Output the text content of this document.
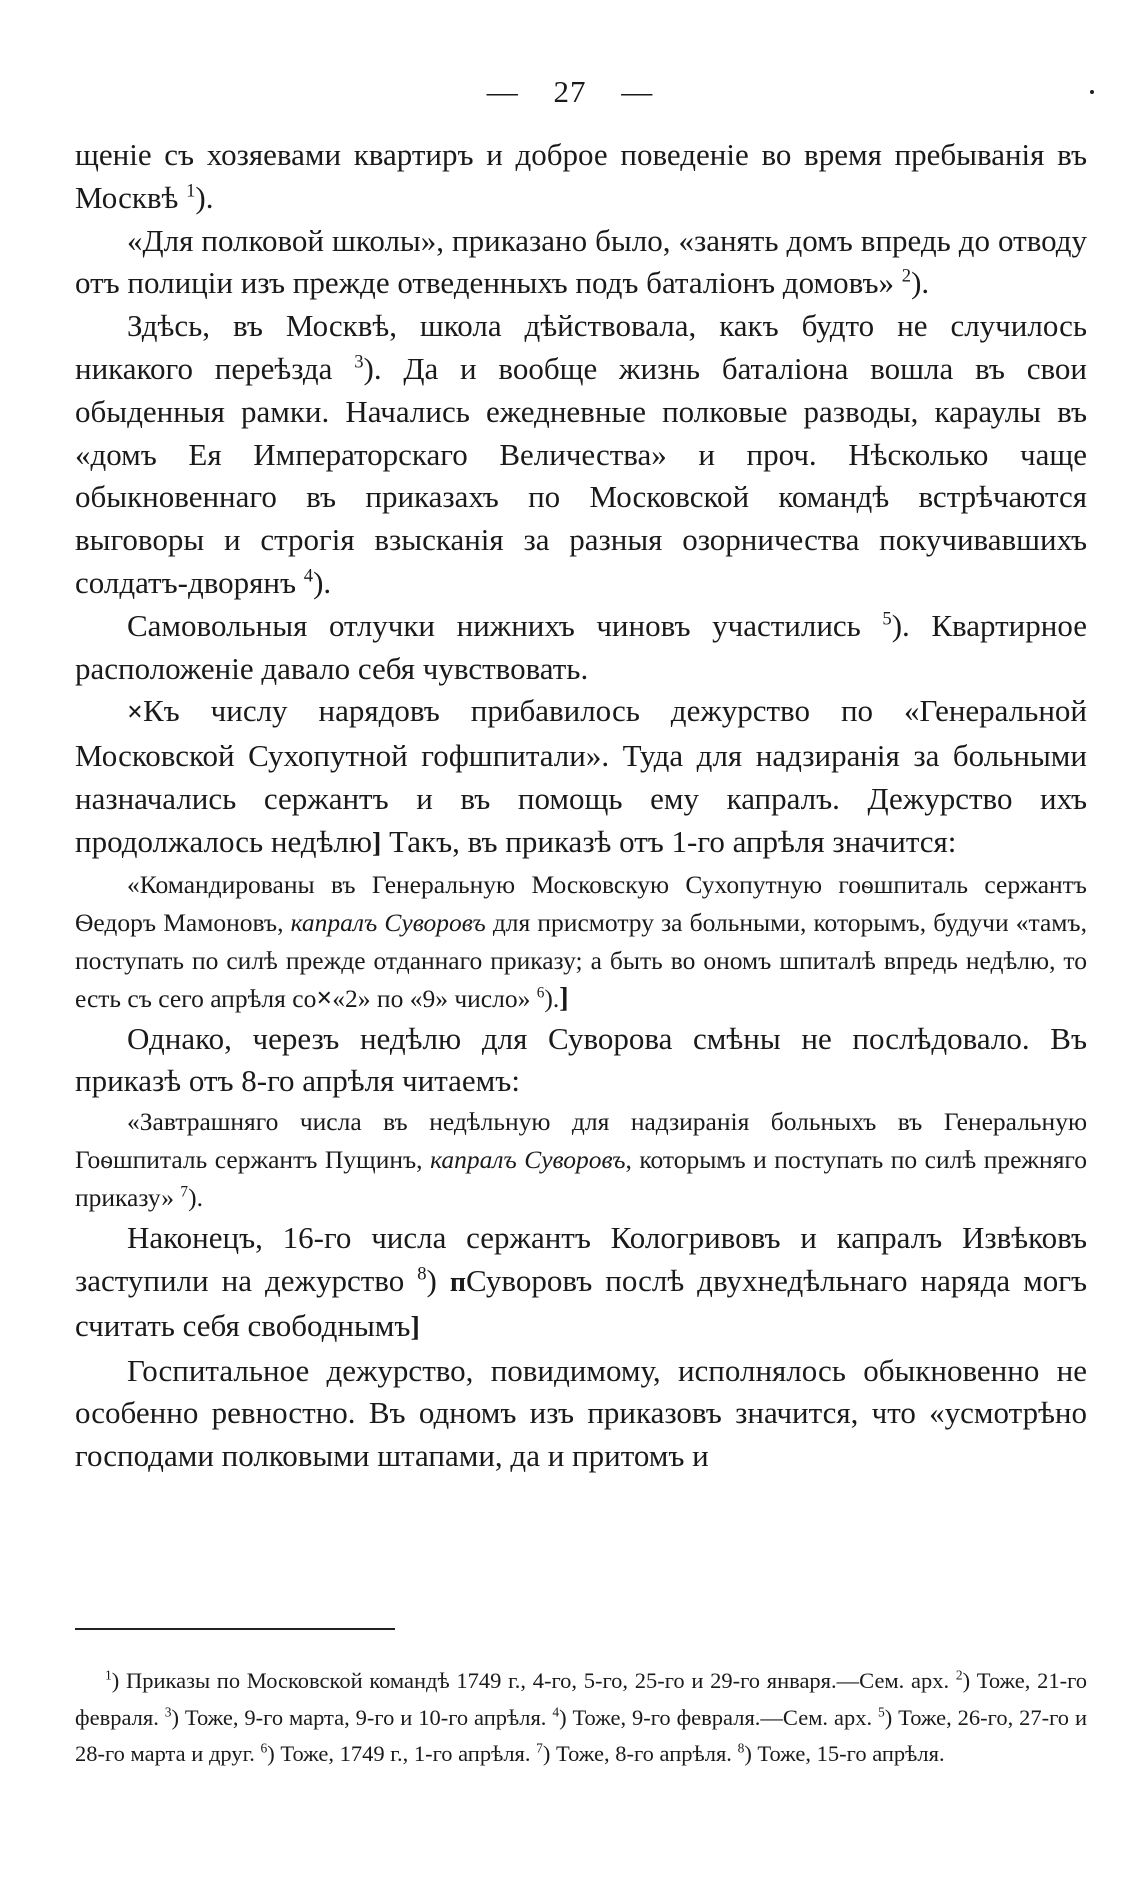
— 27 —

щеніе съ хозяевами квартиръ и доброе поведеніе во время пребыванія въ Москвѣ $^1$).

«Для полковой школы», приказано было, «занять домъ впредь до отводу отъ полиціи изъ прежде отведенныхъ подъ баталіонъ домовъ» $^2$).

Здѣсь, въ Москвѣ, школа дѣйствовала, какъ будто не случилось никакого переѣзда $^3$). Да и вообще жизнь баталіона вошла въ свои обыденныя рамки. Начались ежедневные полковые разводы, караулы въ «домъ Ея Императорскаго Величества» и проч. Нѣсколько чаще обыкновеннаго въ приказахъ по Московской командѣ встрѣчаются выговоры и строгія взысканія за разныя озорничества покучивавшихъ солдатъ-дворянъ $^4$).

Самовольныя отлучки нижнихъ чиновъ участились $^5$). Квартирное расположеніе давало себя чувствовать.

×Къ числу нарядовъ прибавилось дежурство по «Генеральной Московской Сухопутной гофшпитали». Туда для надзиранія за больными назначались сержантъ и въ помощь ему капралъ. Дежурство ихъ продолжалось недѣлю] Такъ, въ приказѣ отъ 1-го апрѣля значится:

«Командированы въ Генеральную Московскую Сухопутную гоѳшпиталь сержантъ Ѳедоръ Мамоновъ, капралъ Суворовъ для присмотру за больными, которымъ, будучи «тамъ, поступать по силѣ прежде отданнаго приказу; а быть во ономъ шпиталѣ впредь недѣлю, то есть съ сего апрѣля со×«2» по «9» число» $^6$).]

Однако, черезъ недѣлю для Суворова смѣны не послѣдовало. Въ приказѣ отъ 8-го апрѣля читаемъ:

«Завтрашняго числа въ недѣльную для надзиранія больныхъ въ Генеральную Гоѳшпиталь сержантъ Пущинъ, капралъ Суворовъ, которымъ и поступать по силѣ прежняго приказу» $^7$).

Наконецъ, 16-го числа сержантъ Кологривовъ и капралъ Извѣковъ заступили на дежурство $^8$) пСуворовъ послѣ двухнедѣльнаго наряда могъ считать себя свободнымъ]

Госпитальное дежурство, повидимому, исполнялось обыкновенно не особенно ревностно. Въ одномъ изъ приказовъ значится, что «усмотрѣно господами полковыми штапами, да и притомъ и

$^1$) Приказы по Московской командѣ 1749 г., 4-го, 5-го, 25-го и 29-го января.—Сем. арх. $^2$) Тоже, 21-го февраля. $^3$) Тоже, 9-го марта, 9-го и 10-го апрѣля. $^4$) Тоже, 9-го февраля.—Сем. арх. $^5$) Тоже, 26-го, 27-го и 28-го марта и друг. $^6$) Тоже, 1749 г., 1-го апрѣля. $^7$) Тоже, 8-го апрѣля. $^8$) Тоже, 15-го апрѣля.
